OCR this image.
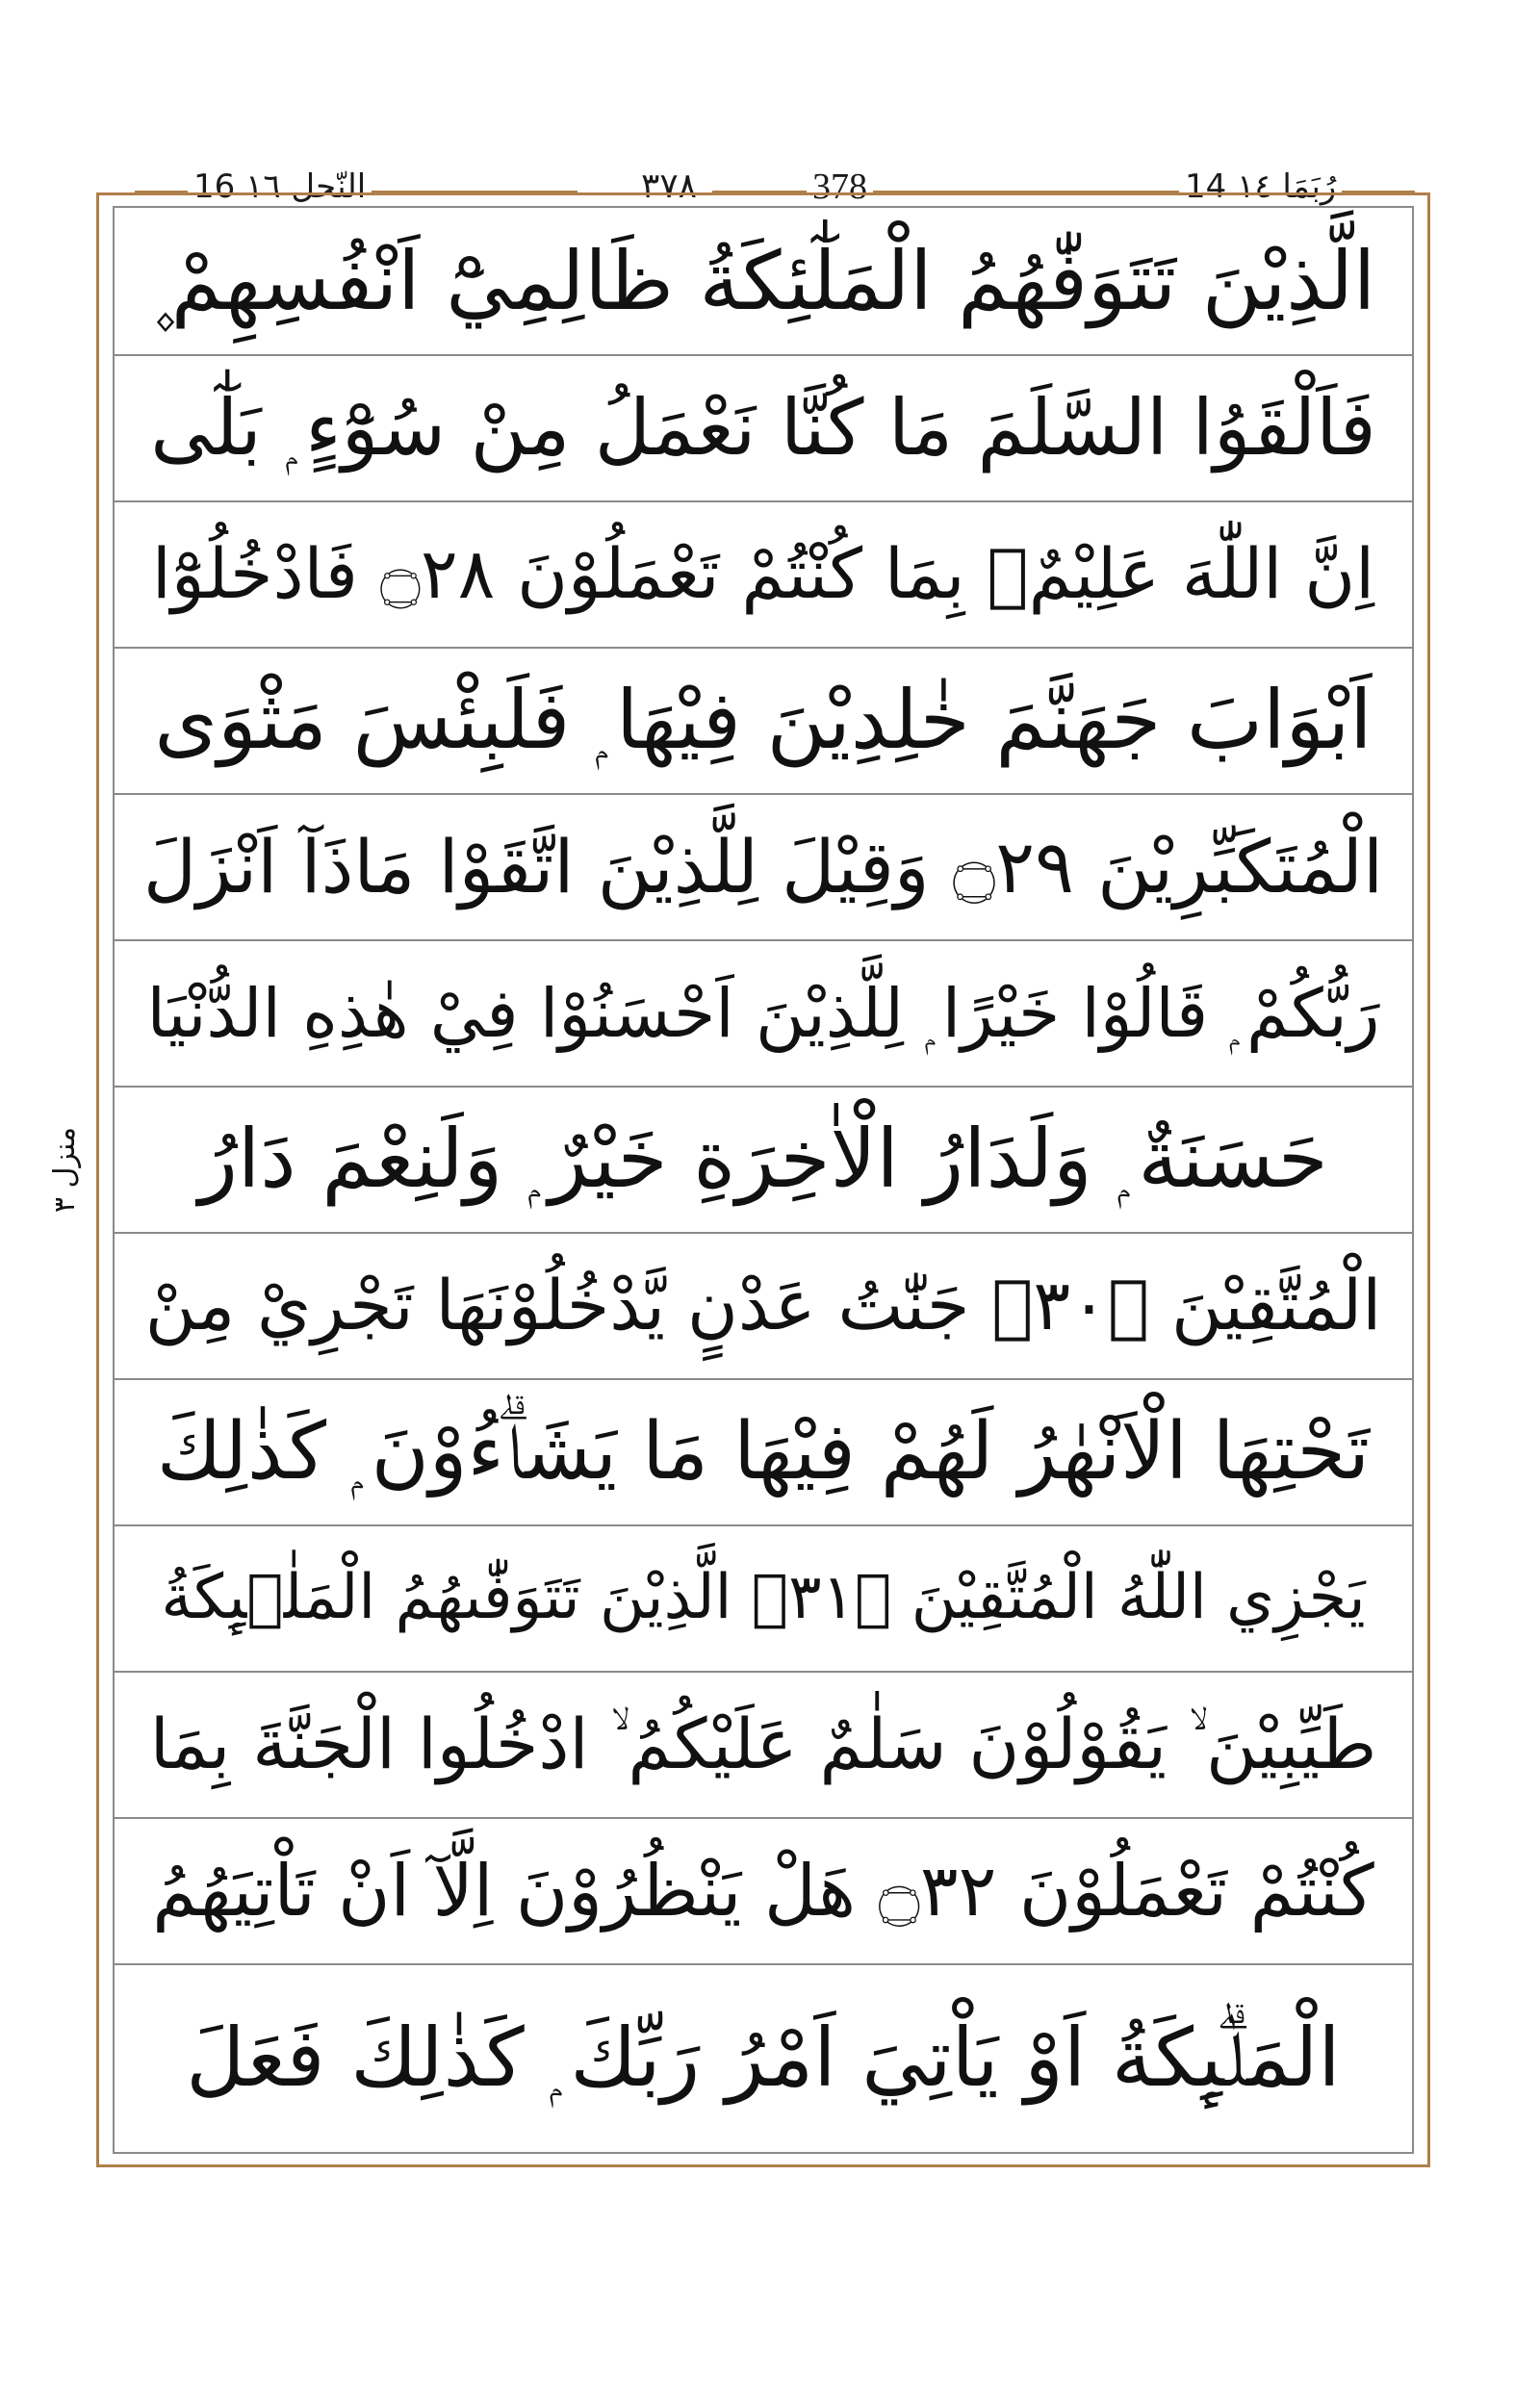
16 النّحل ١٦	٣٧٨	378	14 رُبَمَا ١٤
منزل ٣
الَّذِيْنَ تَتَوَفّٰهُمُ الْمَلٰٓئِكَةُ ظَالِمِيْٓ اَنْفُسِهِمْ ۪
فَاَلْقَوُا السَّلَمَ مَا كُنَّا نَعْمَلُ مِنْ سُوْٓءٍ ۭ بَلٰٓى
اِنَّ اللّٰهَ عَلِيْمٌۢ بِمَا كُنْتُمْ تَعْمَلُوْنَ ۝٢٨ فَادْخُلُوْٓا
اَبْوَابَ جَهَنَّمَ خٰلِدِيْنَ فِيْهَا ۭ فَلَبِئْسَ مَثْوَى
الْمُتَكَبِّرِيْنَ ۝٢٩ وَقِيْلَ لِلَّذِيْنَ اتَّقَوْا مَاذَآ اَنْزَلَ
رَبُّكُمْ ۭ قَالُوْا خَيْرًا ۭ لِلَّذِيْنَ اَحْسَنُوْا فِيْ هٰذِهِ الدُّنْيَا
حَسَنَةٌ ۭ وَلَدَارُ الْاٰخِرَةِ خَيْرٌ ۭ وَلَنِعْمَ دَارُ
الْمُتَّقِيْنَ ۝٣٠ۙ جَنّٰتُ عَدْنٍ يَّدْخُلُوْنَهَا تَجْرِيْ مِنْ
تَحْتِهَا الْاَنْهٰرُ لَهُمْ فِيْهَا مَا يَشَاۗءُوْنَ ۭ كَذٰلِكَ
يَجْزِي اللّٰهُ الْمُتَّقِيْنَ ۝٣١ۙ الَّذِيْنَ تَتَوَفّٰىهُمُ الْمَلٰۗىِٕكَةُ
طَيِّبِيْنَ ۙ يَقُوْلُوْنَ سَلٰمٌ عَلَيْكُمُ ۙ ادْخُلُوا الْجَنَّةَ بِمَا
كُنْتُمْ تَعْمَلُوْنَ ۝٣٢ هَلْ يَنْظُرُوْنَ اِلَّآ اَنْ تَاْتِيَهُمُ
الْمَلٰۗىِٕكَةُ اَوْ يَاْتِيَ اَمْرُ رَبِّكَ ۭ كَذٰلِكَ فَعَلَ
